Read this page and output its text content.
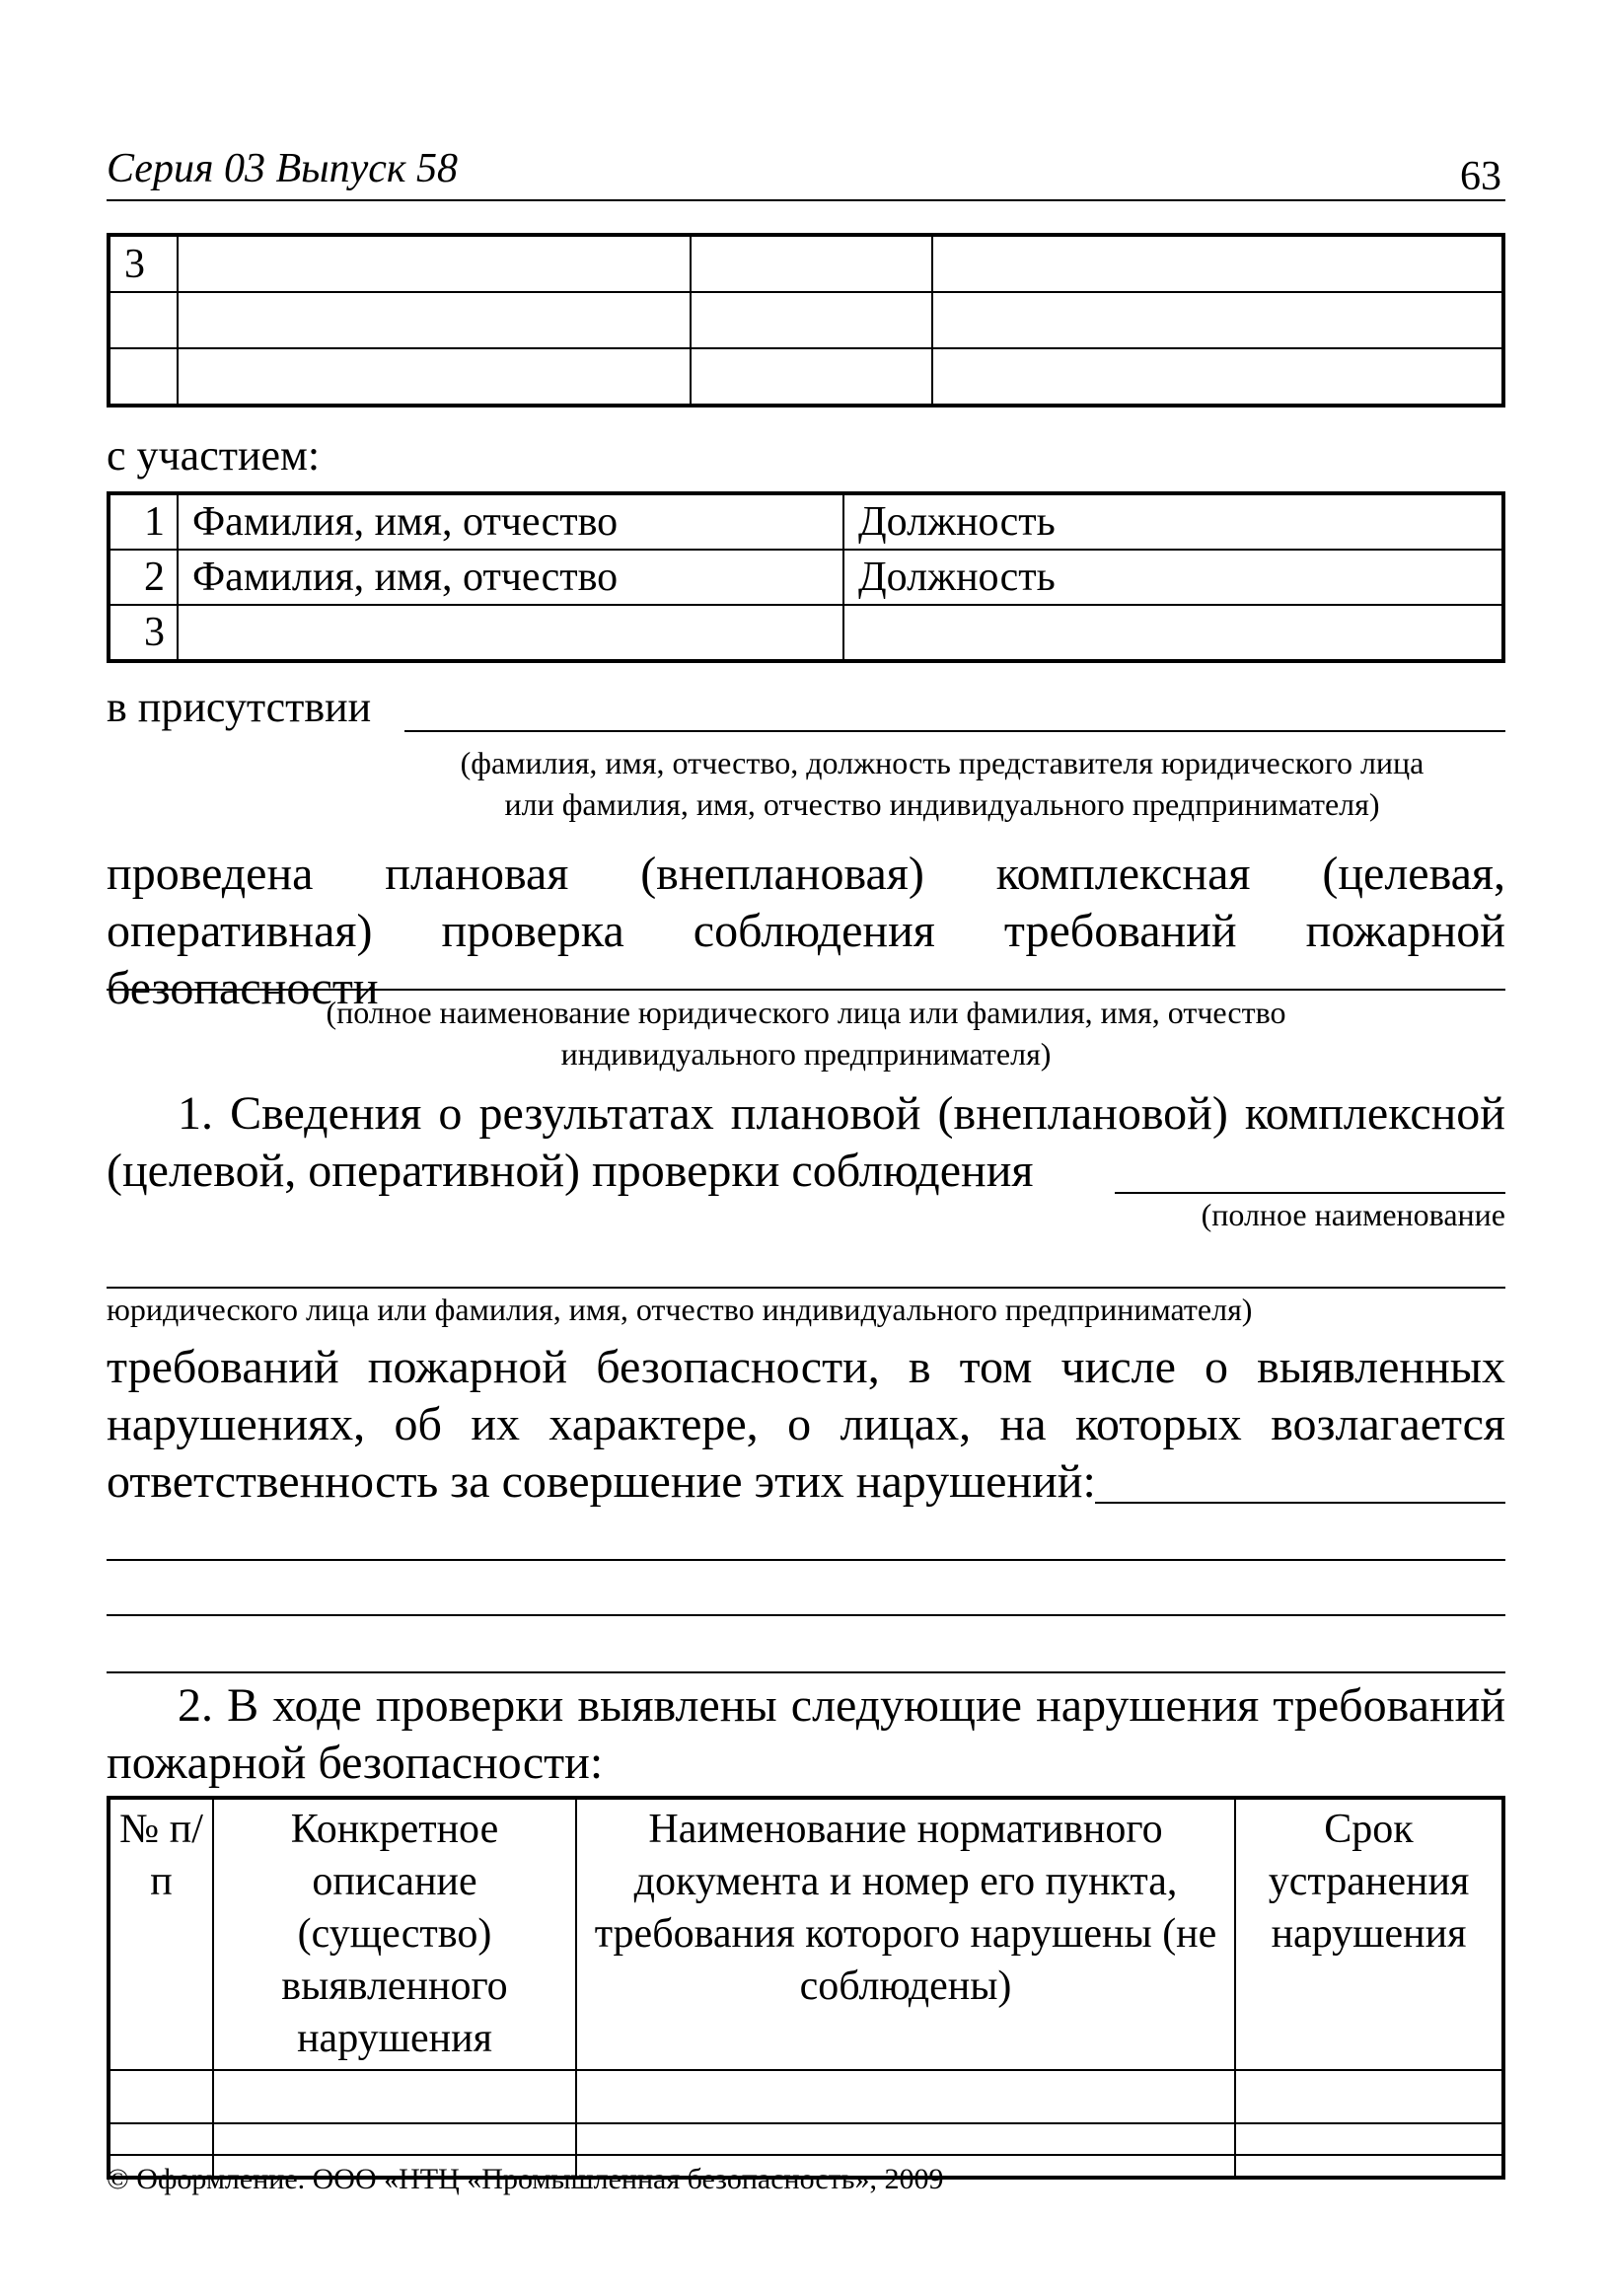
Серия 03 Выпуск 58	63
3			

с участием:
1	Фамилия, имя, отчество	Должность
2	Фамилия, имя, отчество	Должность
3		
в присутствии
(фамилия, имя, отчество, должность представителя юридического лица
или фамилия, имя, отчество индивидуального предпринимателя)
проведена плановая (внеплановая) комплексная (целевая, оперативная) проверка соблюдения требований пожарной безопасности
(полное наименование юридического лица или фамилия, имя, отчество
индивидуального предпринимателя)
1. Сведения о результатах плановой (внеплановой) комплексной (целевой, оперативной) проверки соблюдения
(полное наименование
юридического лица или фамилия, имя, отчество индивидуального предпринимателя)
требований пожарной безопасности, в том числе о выявленных нарушениях, об их характере, о лицах, на которых возлагается ответственность за совершение этих нарушений:
2. В ходе проверки выявлены следующие нарушения требований пожарной безопасности:
№ п/п	Конкретное описание (существо) выявленного нарушения	Наименование нормативного документа и номер его пункта, требования которого нарушены (не соблюдены)	Срок устранения нарушения

© Оформление. ООО «НТЦ «Промышленная безопасность», 2009
